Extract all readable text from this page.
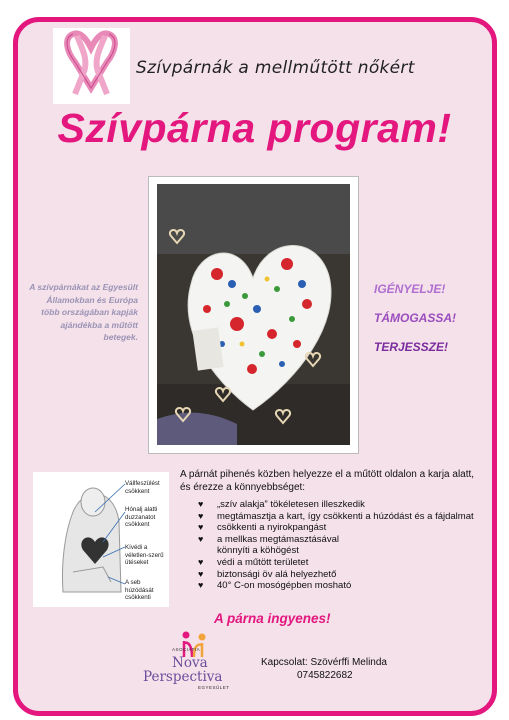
Szívpárnák a mellműtött nőkért
Szívpárna program!
A szívpárnákat az Egyesült Államokban és Európa több országában kapják ajándékba a műtött betegek.
IGÉNYELJE!
TÁMOGASSA!
TERJESSZE!
Vállfeszülést csökkent
Hónalj alatti duzzanatot csökkent
Kívédi a véletlen-szerű ütéseket
A seb húzódását csökkenti
A párnát pihenés közben helyezze el a műtött oldalon a karja alatt, és érezze a könnyebbséget:
♥ „szív alakja” tökéletesen illeszkedik
♥ megtámasztja a kart, így csökkenti a húzódást és a fájdalmat
♥ csökkenti a nyirokpangást
♥ a mellkas megtámasztásával
könnyíti a köhögést
♥ védi a műtött területet
♥ biztonsági öv alá helyezhető
♥ 40° C-on mosógépben mosható
A párna ingyenes!
ASOCIATIA
Nova
Perspectiva
EGYESÜLET
Kapcsolat: Szövérffi Melinda
0745822682
